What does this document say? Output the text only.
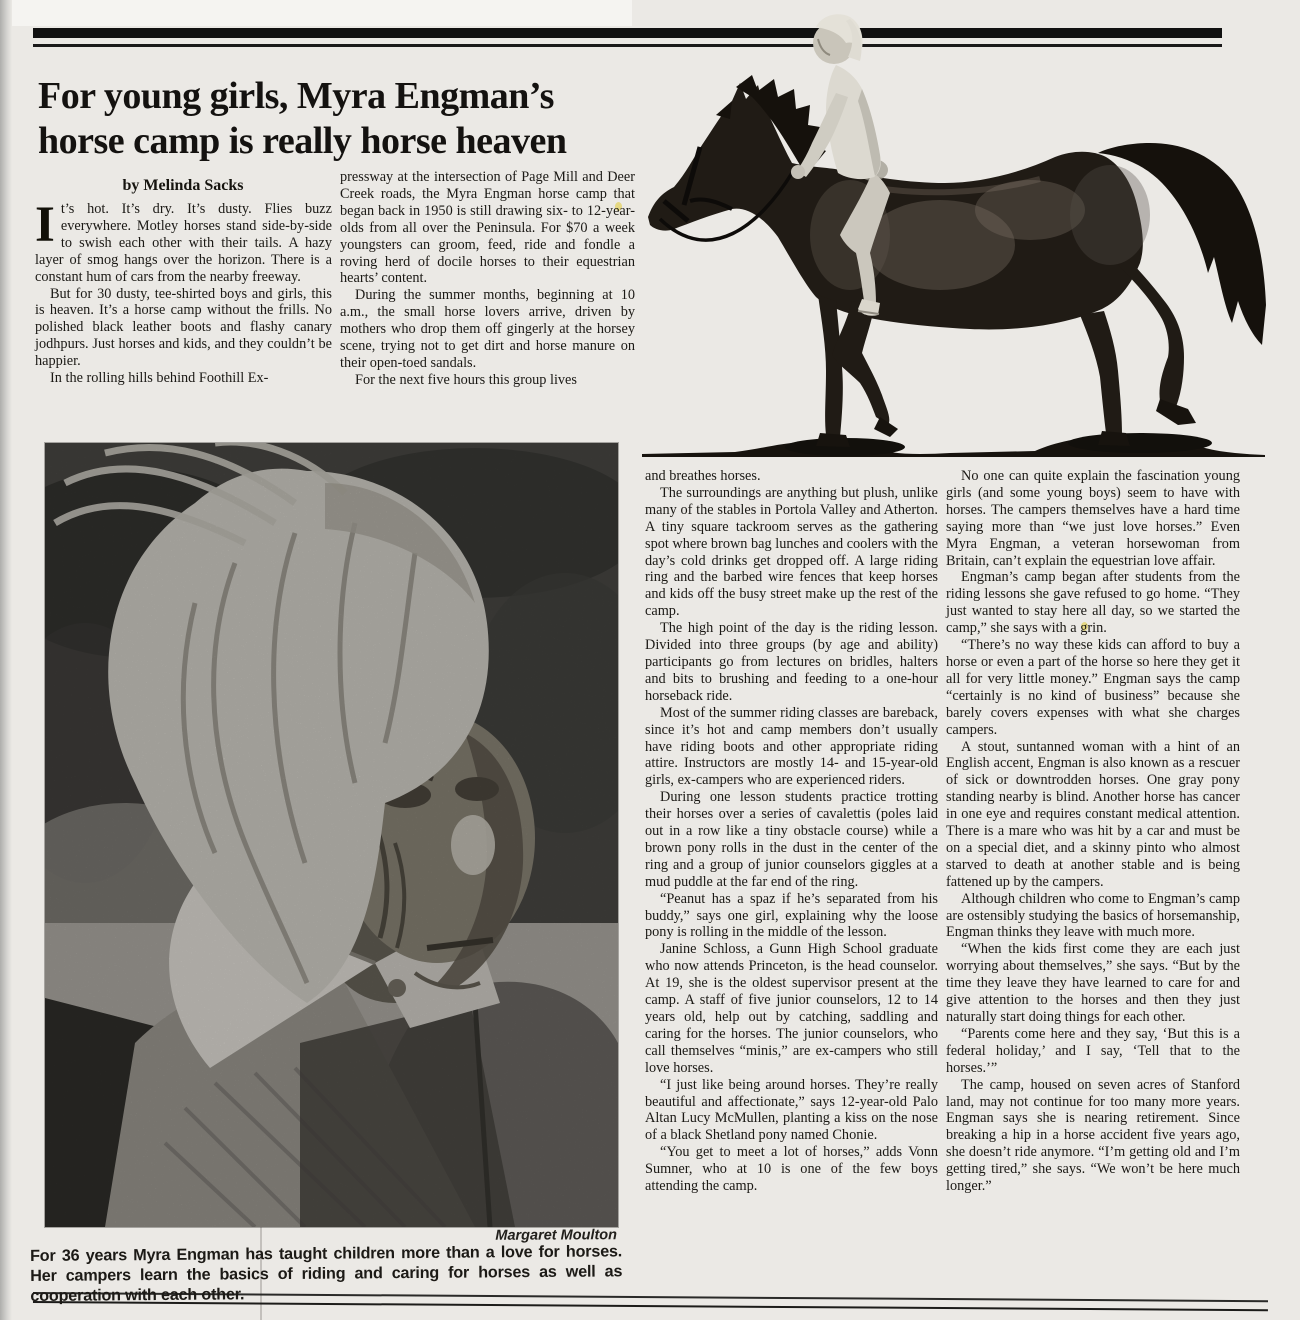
For young girls, Myra Engman’s
horse camp is really horse heaven
by Melinda Sacks

It’s hot. It’s dry. It’s dusty. Flies buzz everywhere. Motley horses stand side-by-side to swish each other with their tails. A hazy layer of smog hangs over the horizon. There is a constant hum of cars from the nearby freeway.

But for 30 dusty, tee-shirted boys and girls, this is heaven. It’s a horse camp without the frills. No polished black leather boots and flashy canary jodhpurs. Just horses and kids, and they couldn’t be happier.

In the rolling hills behind Foothill Ex-

pressway at the intersection of Page Mill and Deer Creek roads, the Myra Engman horse camp that began back in 1950 is still drawing six- to 12-year-olds from all over the Peninsula. For $70 a week youngsters can groom, feed, ride and fondle a roving herd of docile horses to their equestrian hearts’ content.

During the summer months, beginning at 10 a.m., the small horse lovers arrive, driven by mothers who drop them off gingerly at the horsey scene, trying not to get dirt and horse manure on their open-toed sandals.

For the next five hours this group lives

Margaret Moulton
For 36 years Myra Engman has taught children more than a love for horses. Her campers learn the basics of riding and caring for horses as well as cooperation with each other.

and breathes horses.

The surroundings are anything but plush, unlike many of the stables in Portola Valley and Atherton. A tiny square tackroom serves as the gathering spot where brown bag lunches and coolers with the day’s cold drinks get dropped off. A large riding ring and the barbed wire fences that keep horses and kids off the busy street make up the rest of the camp.

The high point of the day is the riding lesson. Divided into three groups (by age and ability) participants go from lectures on bridles, halters and bits to brushing and feeding to a one-hour horseback ride.

Most of the summer riding classes are bareback, since it’s hot and camp members don’t usually have riding boots and other appropriate riding attire. Instructors are mostly 14- and 15-year-old girls, ex-campers who are experienced riders.

During one lesson students practice trotting their horses over a series of cavalettis (poles laid out in a row like a tiny obstacle course) while a brown pony rolls in the dust in the center of the ring and a group of junior counselors giggles at a mud puddle at the far end of the ring.

“Peanut has a spaz if he’s separated from his buddy,” says one girl, explaining why the loose pony is rolling in the middle of the lesson.

Janine Schloss, a Gunn High School graduate who now attends Princeton, is the head counselor. At 19, she is the oldest supervisor present at the camp. A staff of five junior counselors, 12 to 14 years old, help out by catching, saddling and caring for the horses. The junior counselors, who call themselves “minis,” are ex-campers who still love horses.

“I just like being around horses. They’re really beautiful and affectionate,” says 12-year-old Palo Altan Lucy McMullen, planting a kiss on the nose of a black Shetland pony named Chonie.

“You get to meet a lot of horses,” adds Vonn Sumner, who at 10 is one of the few boys attending the camp.

No one can quite explain the fascination young girls (and some young boys) seem to have with horses. The campers themselves have a hard time saying more than “we just love horses.” Even Myra Engman, a veteran horsewoman from Britain, can’t explain the equestrian love affair.

Engman’s camp began after students from the riding lessons she gave refused to go home. “They just wanted to stay here all day, so we started the camp,” she says with a grin.

“There’s no way these kids can afford to buy a horse or even a part of the horse so here they get it all for very little money.” Engman says the camp “certainly is no kind of business” because she barely covers expenses with what she charges campers.

A stout, suntanned woman with a hint of an English accent, Engman is also known as a rescuer of sick or downtrodden horses. One gray pony standing nearby is blind. Another horse has cancer in one eye and requires constant medical attention. There is a mare who was hit by a car and must be on a special diet, and a skinny pinto who almost starved to death at another stable and is being fattened up by the campers.

Although children who come to Engman’s camp are ostensibly studying the basics of horsemanship, Engman thinks they leave with much more.

“When the kids first come they are each just worrying about themselves,” she says. “But by the time they leave they have learned to care for and give attention to the horses and then they just naturally start doing things for each other.

“Parents come here and they say, ‘But this is a federal holiday,’ and I say, ‘Tell that to the horses.’”

The camp, housed on seven acres of Stanford land, may not continue for too many more years. Engman says she is nearing retirement. Since breaking a hip in a horse accident five years ago, she doesn’t ride anymore. “I’m getting old and I’m getting tired,” she says. “We won’t be here much longer.”
